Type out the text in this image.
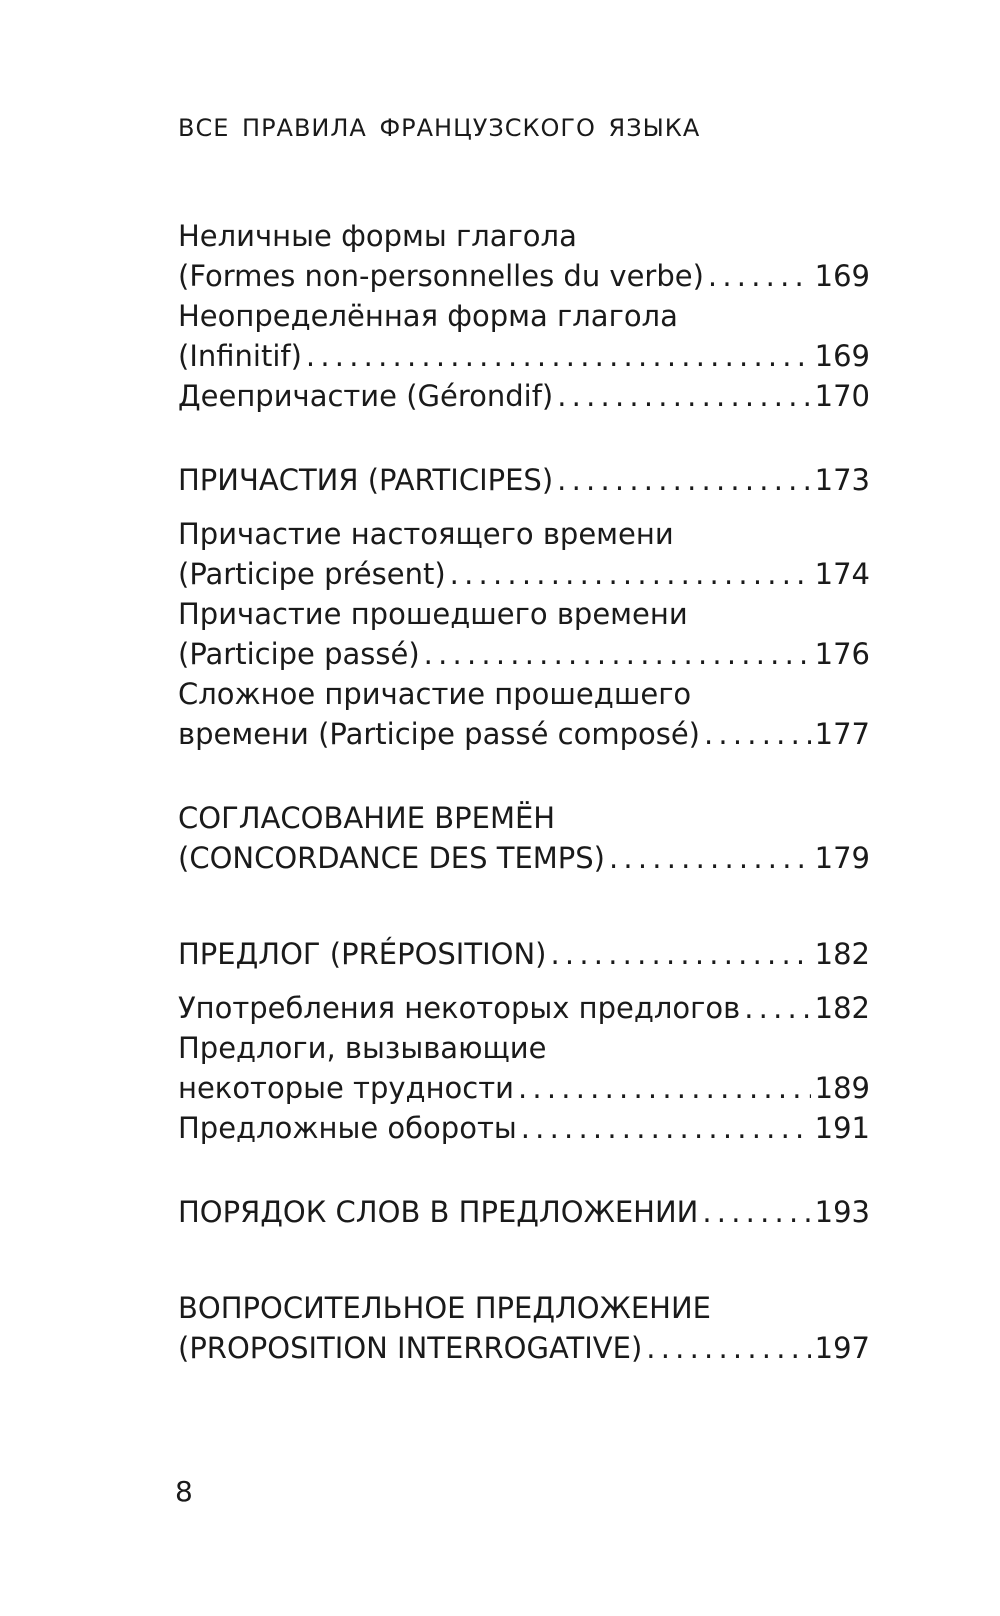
ВСЕ ПРАВИЛА ФРАНЦУЗСКОГО ЯЗЫКА
Неличные формы глагола
(Formes non-personnelles du verbe) . . .	169
Неопределённая форма глагола
(Infinitif) . . .	169
Деепричастие (Gérondif) . . .	170
ПРИЧАСТИЯ (PARTICIPES) . . .	173
Причастие настоящего времени
(Participe présent) . . .	174
Причастие прошедшего времени
(Participe passé) . . .	176
Сложное причастие прошедшего
времени (Participe passé composé) . . .	177
СОГЛАСОВАНИЕ ВРЕМЁН
(CONCORDANCE DES TEMPS) . . .	179
ПРЕДЛОГ (PRÉPOSITION) . . .	182
Употребления некоторых предлогов . . .	182
Предлоги, вызывающие
некоторые трудности . . .	189
Предложные обороты . . .	191
ПОРЯДОК СЛОВ В ПРЕДЛОЖЕНИИ . . .	193
ВОПРОСИТЕЛЬНОЕ ПРЕДЛОЖЕНИЕ
(PROPOSITION INTERROGATIVE) . . .	197
8
